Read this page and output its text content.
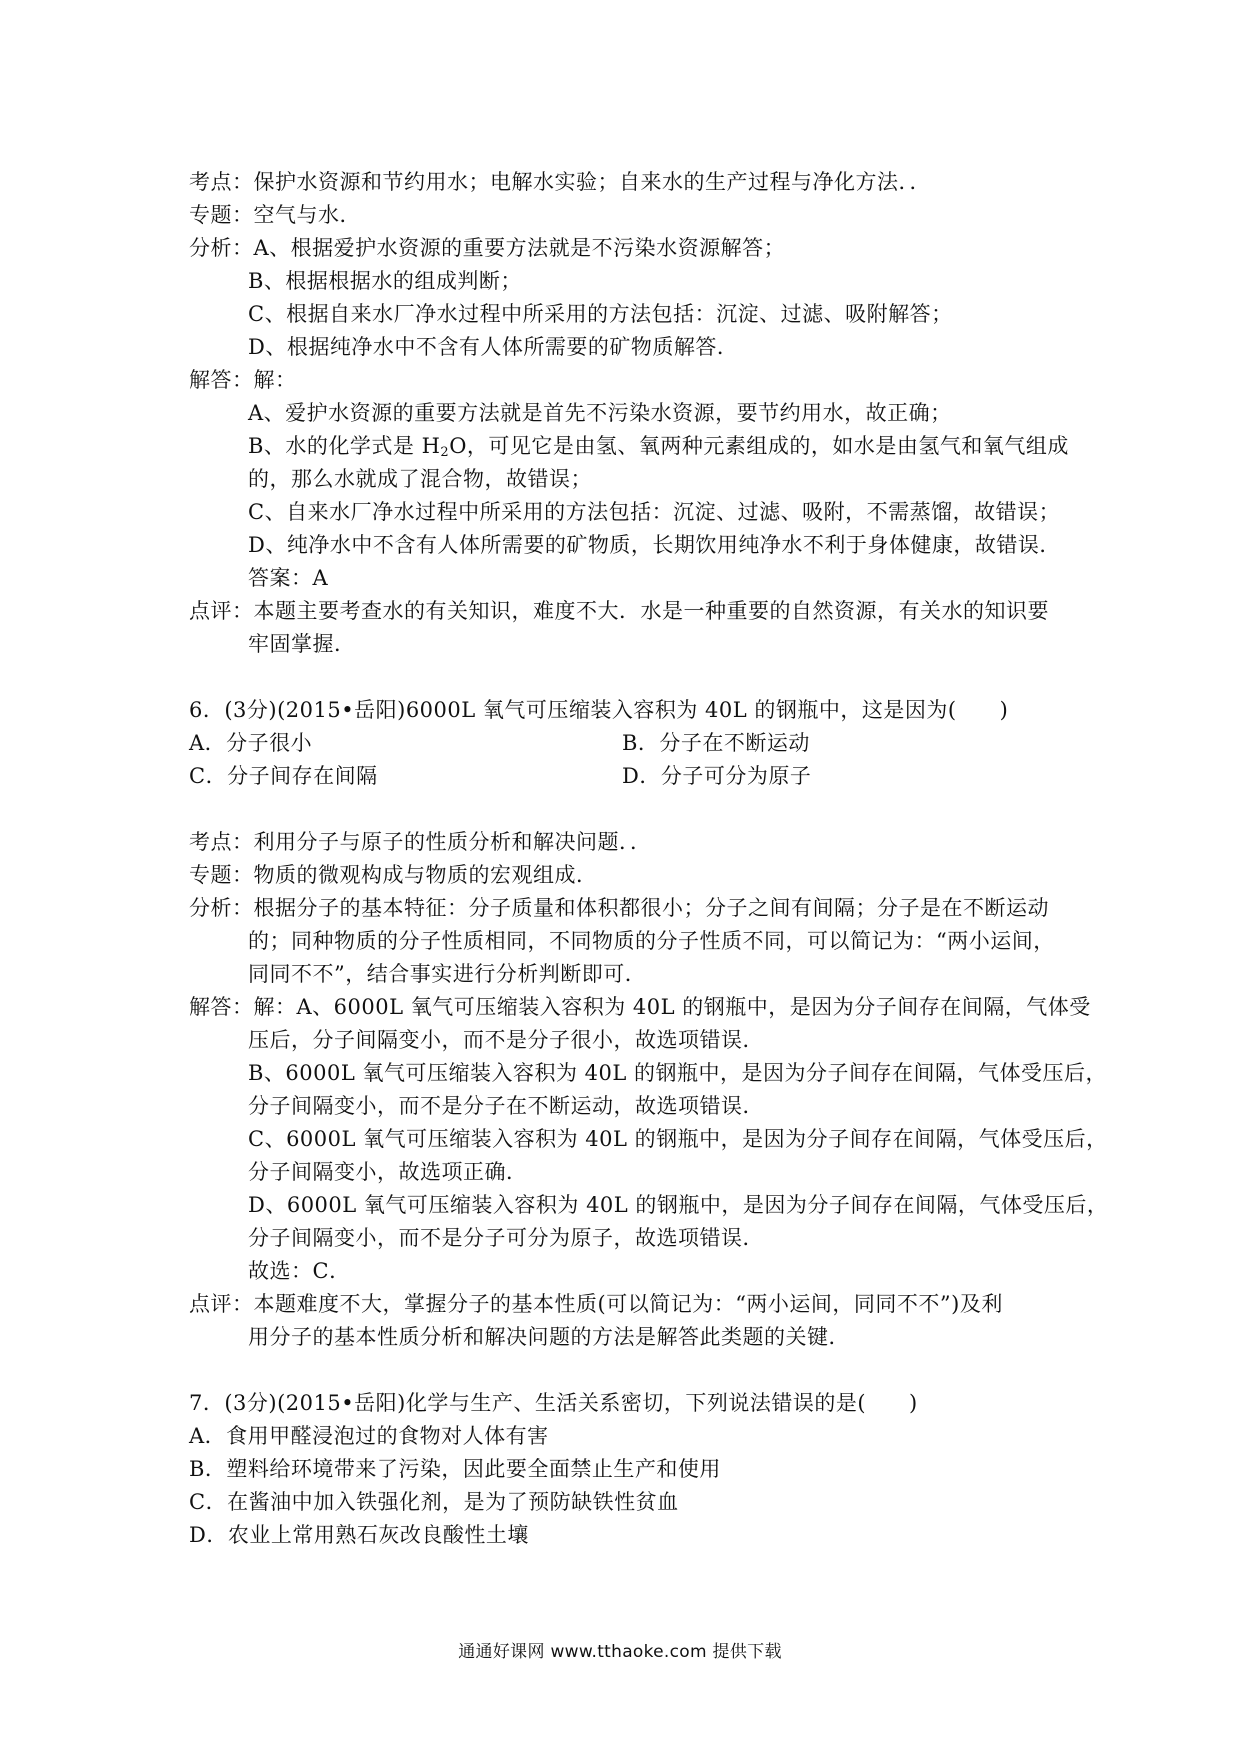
考点：保护水资源和节约用水；电解水实验；自来水的生产过程与净化方法．．
专题：空气与水．
分析：A、根据爱护水资源的重要方法就是不污染水资源解答；
B、根据根据水的组成判断；
C、根据自来水厂净水过程中所采用的方法包括：沉淀、过滤、吸附解答；
D、根据纯净水中不含有人体所需要的矿物质解答．
解答：解：
A、爱护水资源的重要方法就是首先不污染水资源，要节约用水，故正确；
B、水的化学式是 $H_2O$，可见它是由氢、氧两种元素组成的，如水是由氢气和氧气组成
的，那么水就成了混合物，故错误；
C、自来水厂净水过程中所采用的方法包括：沉淀、过滤、吸附，不需蒸馏，故错误；
D、纯净水中不含有人体所需要的矿物质，长期饮用纯净水不利于身体健康，故错误．
答案：A
点评：本题主要考查水的有关知识，难度不大．水是一种重要的自然资源，有关水的知识要
牢固掌握．
6．(3分)(2015•岳阳)6000L 氧气可压缩装入容积为 40L 的钢瓶中，这是因为(　　)
A．分子很小	B．分子在不断运动
C．分子间存在间隔	D．分子可分为原子
考点：利用分子与原子的性质分析和解决问题．．
专题：物质的微观构成与物质的宏观组成．
分析：根据分子的基本特征：分子质量和体积都很小；分子之间有间隔；分子是在不断运动
的；同种物质的分子性质相同，不同物质的分子性质不同，可以简记为：“两小运间，
同同不不”，结合事实进行分析判断即可．
解答：解：A、6000L 氧气可压缩装入容积为 40L 的钢瓶中，是因为分子间存在间隔，气体受
压后，分子间隔变小，而不是分子很小，故选项错误．
B、6000L 氧气可压缩装入容积为 40L 的钢瓶中，是因为分子间存在间隔，气体受压后，
分子间隔变小，而不是分子在不断运动，故选项错误．
C、6000L 氧气可压缩装入容积为 40L 的钢瓶中，是因为分子间存在间隔，气体受压后，
分子间隔变小，故选项正确．
D、6000L 氧气可压缩装入容积为 40L 的钢瓶中，是因为分子间存在间隔，气体受压后，
分子间隔变小，而不是分子可分为原子，故选项错误．
故选：C．
点评：本题难度不大，掌握分子的基本性质(可以简记为：“两小运间，同同不不”)及利
用分子的基本性质分析和解决问题的方法是解答此类题的关键．
7．(3分)(2015•岳阳)化学与生产、生活关系密切，下列说法错误的是(　　)
A．食用甲醛浸泡过的食物对人体有害
B．塑料给环境带来了污染，因此要全面禁止生产和使用
C．在酱油中加入铁强化剂，是为了预防缺铁性贫血
D．农业上常用熟石灰改良酸性土壤
通通好课网 www.tthaoke.com 提供下载
